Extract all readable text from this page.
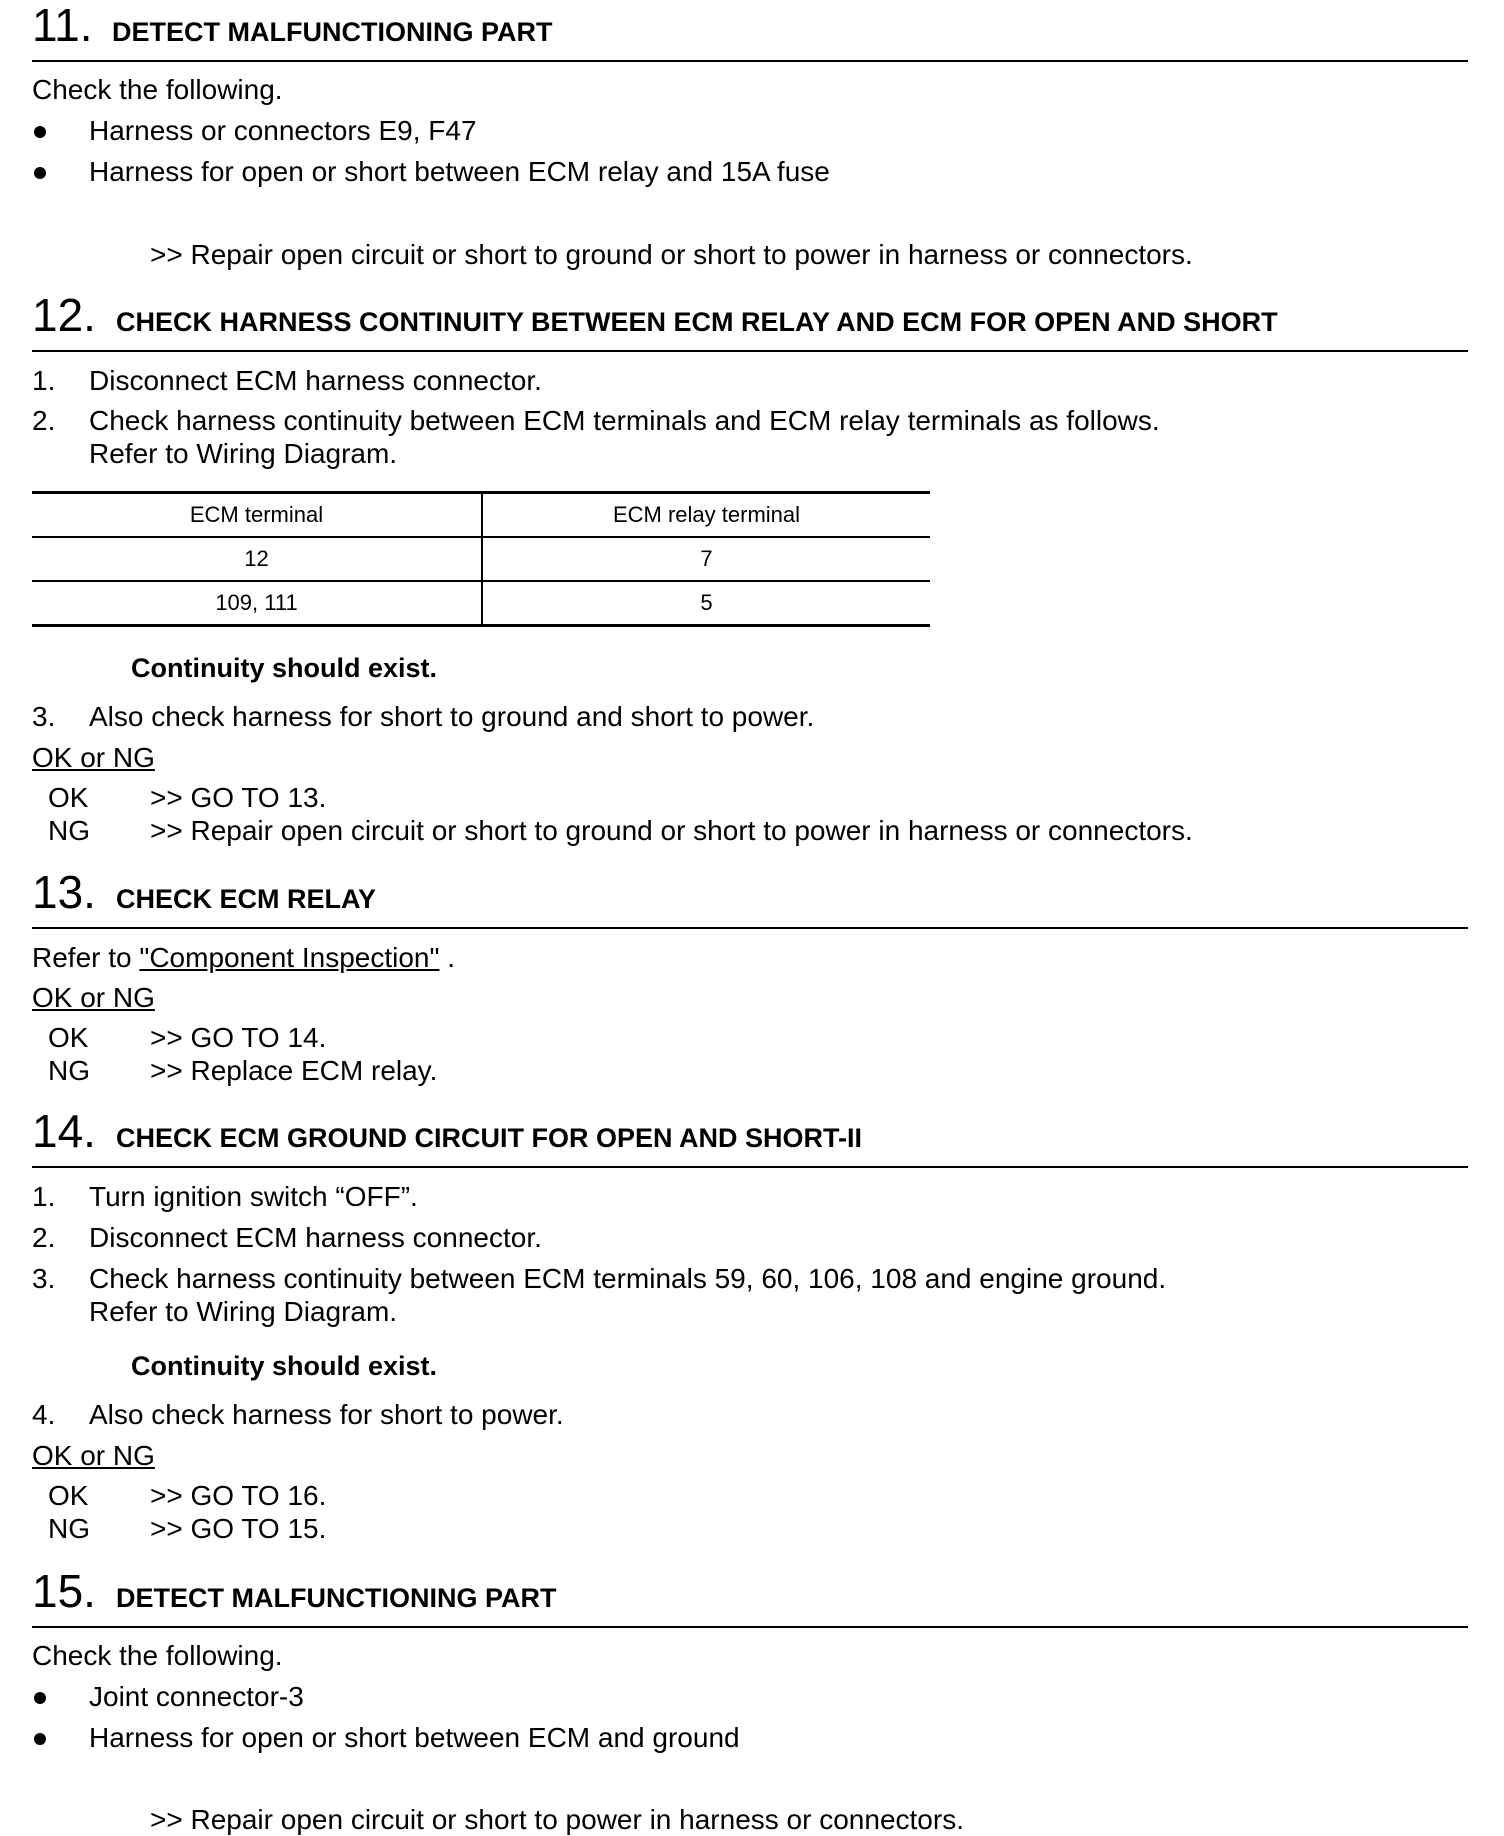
11. DETECT MALFUNCTIONING PART
Check the following.
Harness or connectors E9, F47
Harness for open or short between ECM relay and 15A fuse
>> Repair open circuit or short to ground or short to power in harness or connectors.
12. CHECK HARNESS CONTINUITY BETWEEN ECM RELAY AND ECM FOR OPEN AND SHORT
1. Disconnect ECM harness connector.
2. Check harness continuity between ECM terminals and ECM relay terminals as follows.
Refer to Wiring Diagram.
ECM terminal	ECM relay terminal
12	7
109, 111	5
Continuity should exist.
3. Also check harness for short to ground and short to power.
OK or NG
OK >> GO TO 13.
NG >> Repair open circuit or short to ground or short to power in harness or connectors.
13. CHECK ECM RELAY
Refer to "Component Inspection" .
OK or NG
OK >> GO TO 14.
NG >> Replace ECM relay.
14. CHECK ECM GROUND CIRCUIT FOR OPEN AND SHORT-II
1. Turn ignition switch “OFF”.
2. Disconnect ECM harness connector.
3. Check harness continuity between ECM terminals 59, 60, 106, 108 and engine ground.
Refer to Wiring Diagram.
Continuity should exist.
4. Also check harness for short to power.
OK or NG
OK >> GO TO 16.
NG >> GO TO 15.
15. DETECT MALFUNCTIONING PART
Check the following.
Joint connector-3
Harness for open or short between ECM and ground
>> Repair open circuit or short to power in harness or connectors.
